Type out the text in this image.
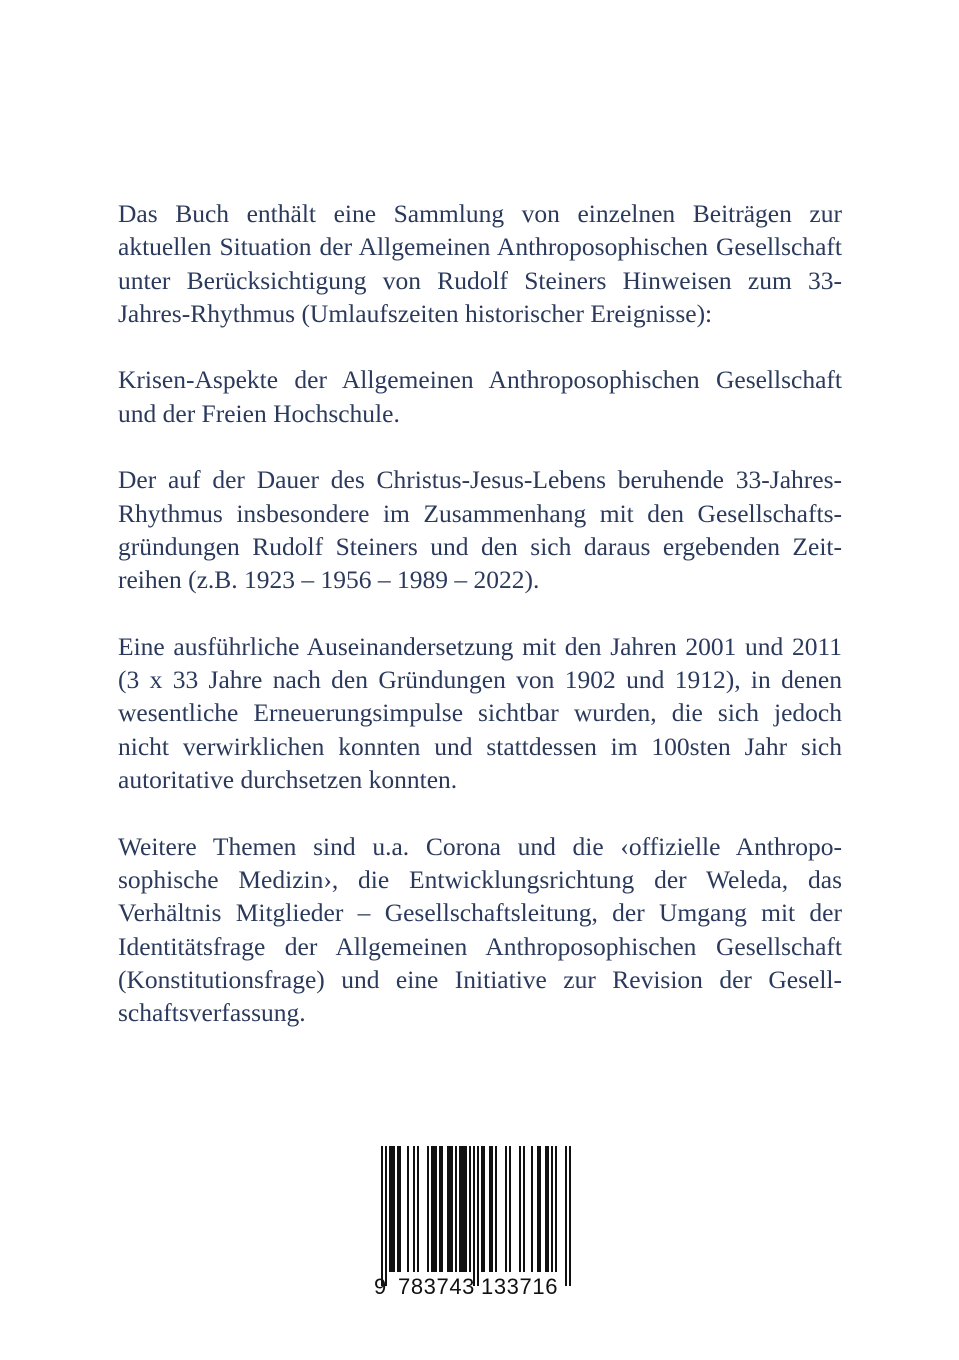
Das Buch enthält eine Sammlung von einzelnen Beiträgen zur aktuellen Situation der Allgemeinen Anthroposophischen Gesellschaft unter Berücksichtigung von Rudolf Steiners Hinweisen zum 33-Jahres-Rhythmus (Umlaufszeiten historischer Ereignisse):

Krisen-Aspekte der Allgemeinen Anthroposophischen Gesellschaft und der Freien Hochschule.

Der auf der Dauer des Christus-Jesus-Lebens beruhende 33-Jahres-Rhythmus insbesondere im Zusammenhang mit den Gesellschaftsgründungen Rudolf Steiners und den sich daraus ergebenden Zeitreihen (z.B. 1923 – 1956 – 1989 – 2022).

Eine ausführliche Auseinandersetzung mit den Jahren 2001 und 2011 (3 x 33 Jahre nach den Gründungen von 1902 und 1912), in denen wesentliche Erneuerungsimpulse sichtbar wurden, die sich jedoch nicht verwirklichen konnten und stattdessen im 100sten Jahr sich autoritative durchsetzen konnten.

Weitere Themen sind u.a. Corona und die ‹offizielle Anthroposophische Medizin›, die Entwicklungsrichtung der Weleda, das Verhältnis Mitglieder – Gesellschaftsleitung, der Umgang mit der Identitätsfrage der Allgemeinen Anthroposophischen Gesellschaft (Konstitutionsfrage) und eine Initiative zur Revision der Gesellschaftsverfassung.

9 783743 133716
